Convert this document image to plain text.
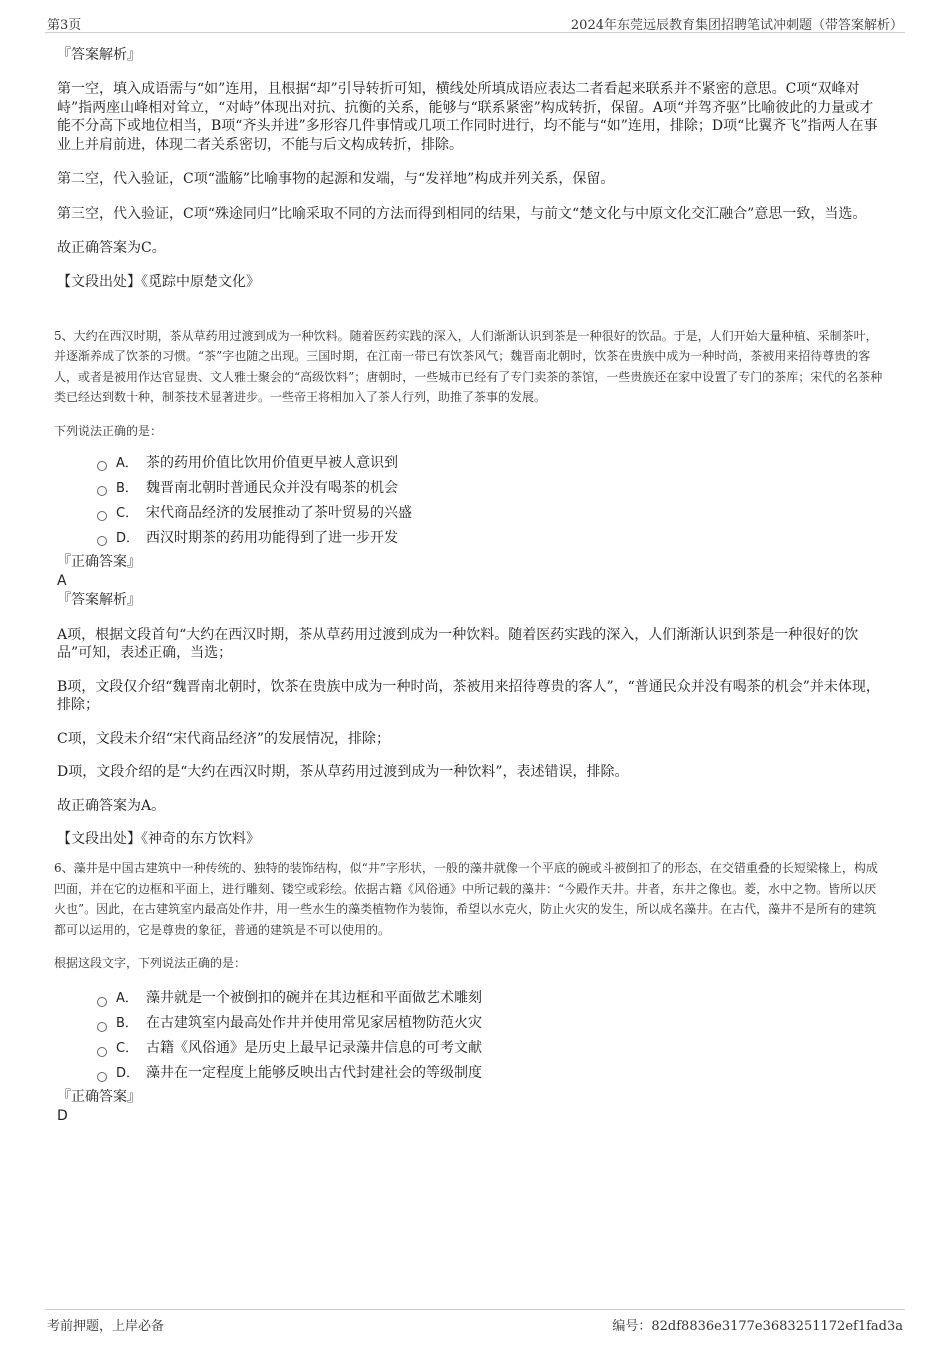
第3页	2024年东莞远辰教育集团招聘笔试冲刺题（带答案解析）

『答案解析』

第一空，填入成语需与“如”连用，且根据“却”引导转折可知，横线处所填成语应表达二者看起来联系并不紧密的意思。C项“双峰对峙”指两座山峰相对耸立，“对峙”体现出对抗、抗衡的关系，能够与“联系紧密”构成转折，保留。A项“并驾齐驱”比喻彼此的力量或才能不分高下或地位相当，B项“齐头并进”多形容几件事情或几项工作同时进行，均不能与“如”连用，排除；D项“比翼齐飞”指两人在事业上并肩前进，体现二者关系密切，不能与后文构成转折，排除。

第二空，代入验证，C项“滥觞”比喻事物的起源和发端，与“发祥地”构成并列关系，保留。

第三空，代入验证，C项“殊途同归”比喻采取不同的方法而得到相同的结果，与前文“楚文化与中原文化交汇融合”意思一致，当选。

故正确答案为C。

【文段出处】《觅踪中原楚文化》

5、大约在西汉时期，茶从草药用过渡到成为一种饮料。随着医药实践的深入，人们渐渐认识到茶是一种很好的饮品。于是，人们开始大量种植、采制茶叶，并逐渐养成了饮茶的习惯。“茶”字也随之出现。三国时期，在江南一带已有饮茶风气；魏晋南北朝时，饮茶在贵族中成为一种时尚，茶被用来招待尊贵的客人，或者是被用作达官显贵、文人雅士聚会的“高级饮料”；唐朝时，一些城市已经有了专门卖茶的茶馆，一些贵族还在家中设置了专门的茶库；宋代的名茶种类已经达到数十种，制茶技术显著进步。一些帝王将相加入了茶人行列，助推了茶事的发展。

下列说法正确的是：

A． 茶的药用价值比饮用价值更早被人意识到
B． 魏晋南北朝时普通民众并没有喝茶的机会
C． 宋代商品经济的发展推动了茶叶贸易的兴盛
D． 西汉时期茶的药用功能得到了进一步开发

『正确答案』

A

『答案解析』

A项，根据文段首句“大约在西汉时期，茶从草药用过渡到成为一种饮料。随着医药实践的深入，人们渐渐认识到茶是一种很好的饮品”可知，表述正确，当选；

B项，文段仅介绍“魏晋南北朝时，饮茶在贵族中成为一种时尚，茶被用来招待尊贵的客人”，“普通民众并没有喝茶的机会”并未体现，排除；

C项，文段未介绍“宋代商品经济”的发展情况，排除；

D项，文段介绍的是“大约在西汉时期，茶从草药用过渡到成为一种饮料”，表述错误，排除。

故正确答案为A。

【文段出处】《神奇的东方饮料》

6、藻井是中国古建筑中一种传统的、独特的装饰结构，似“井”字形状，一般的藻井就像一个平底的碗或斗被倒扣了的形态，在交错重叠的长短梁椽上，构成凹面，并在它的边框和平面上，进行雕刻、镂空或彩绘。依据古籍《风俗通》中所记载的藻井：“今殿作天井。井者，东井之像也。菱，水中之物。皆所以厌火也”。因此，在古建筑室内最高处作井，用一些水生的藻类植物作为装饰，希望以水克火，防止火灾的发生，所以成名藻井。在古代，藻井不是所有的建筑都可以运用的，它是尊贵的象征，普通的建筑是不可以使用的。

根据这段文字，下列说法正确的是：

A． 藻井就是一个被倒扣的碗并在其边框和平面做艺术雕刻
B． 在古建筑室内最高处作井并使用常见家居植物防范火灾
C． 古籍《风俗通》是历史上最早记录藻井信息的可考文献
D． 藻井在一定程度上能够反映出古代封建社会的等级制度

『正确答案』

D

考前押题，上岸必备	编号：82df8836e3177e3683251172ef1fad3a
